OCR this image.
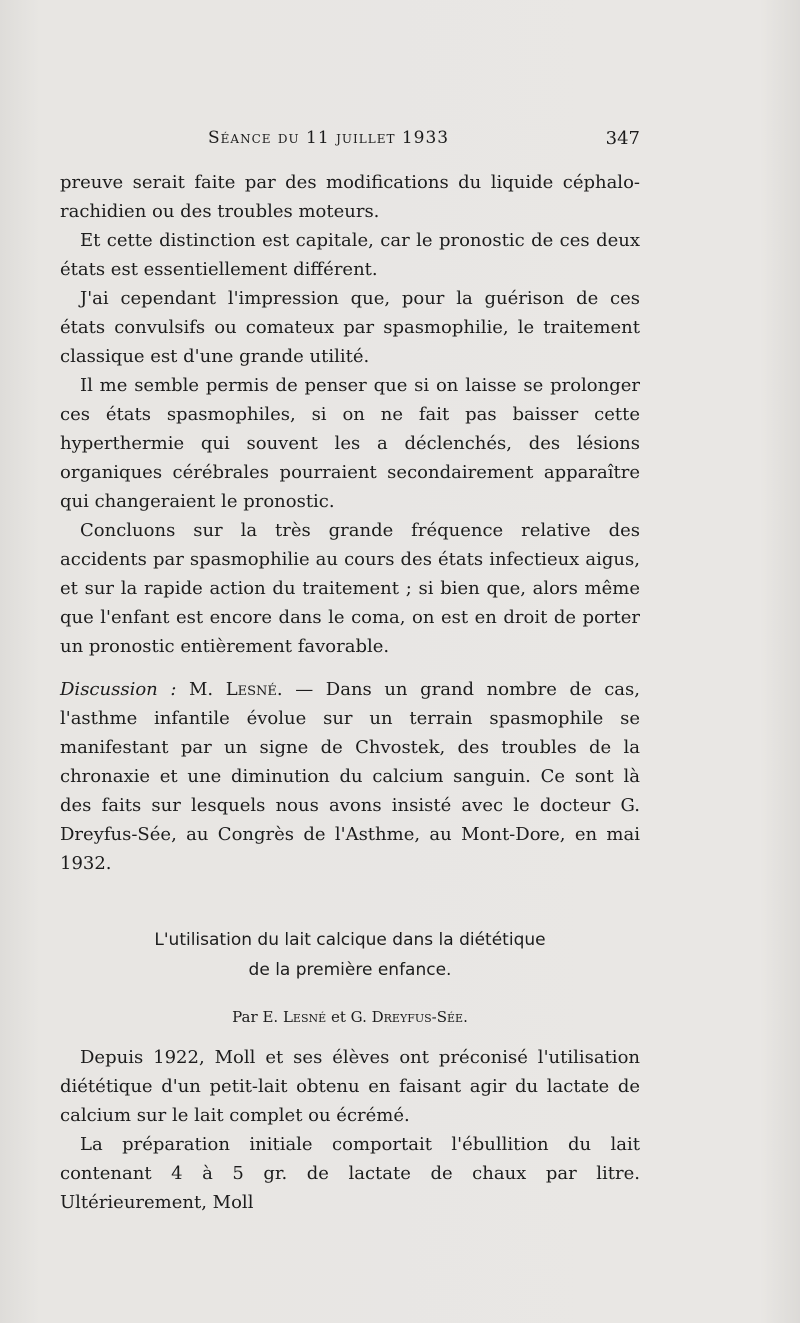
Séance du 11 juillet 1933	347

preuve serait faite par des modifications du liquide céphalo-rachidien ou des troubles moteurs.

Et cette distinction est capitale, car le pronostic de ces deux états est essentiellement différent.

J'ai cependant l'impression que, pour la guérison de ces états convulsifs ou comateux par spasmophilie, le traitement classique est d'une grande utilité.

Il me semble permis de penser que si on laisse se prolonger ces états spasmophiles, si on ne fait pas baisser cette hyperthermie qui souvent les a déclenchés, des lésions organiques cérébrales pourraient secondairement apparaître qui changeraient le pronostic.

Concluons sur la très grande fréquence relative des accidents par spasmophilie au cours des états infectieux aigus, et sur la rapide action du traitement ; si bien que, alors même que l'enfant est encore dans le coma, on est en droit de porter un pronostic entièrement favorable.

Discussion : M. Lesné. — Dans un grand nombre de cas, l'asthme infantile évolue sur un terrain spasmophile se manifestant par un signe de Chvostek, des troubles de la chronaxie et une diminution du calcium sanguin. Ce sont là des faits sur lesquels nous avons insisté avec le docteur G. Dreyfus-Sée, au Congrès de l'Asthme, au Mont-Dore, en mai 1932.

L'utilisation du lait calcique dans la diététique
de la première enfance.
Par E. Lesné et G. Dreyfus-Sée.

Depuis 1922, Moll et ses élèves ont préconisé l'utilisation diététique d'un petit-lait obtenu en faisant agir du lactate de calcium sur le lait complet ou écrémé.

La préparation initiale comportait l'ébullition du lait contenant 4 à 5 gr. de lactate de chaux par litre. Ultérieurement, Moll
